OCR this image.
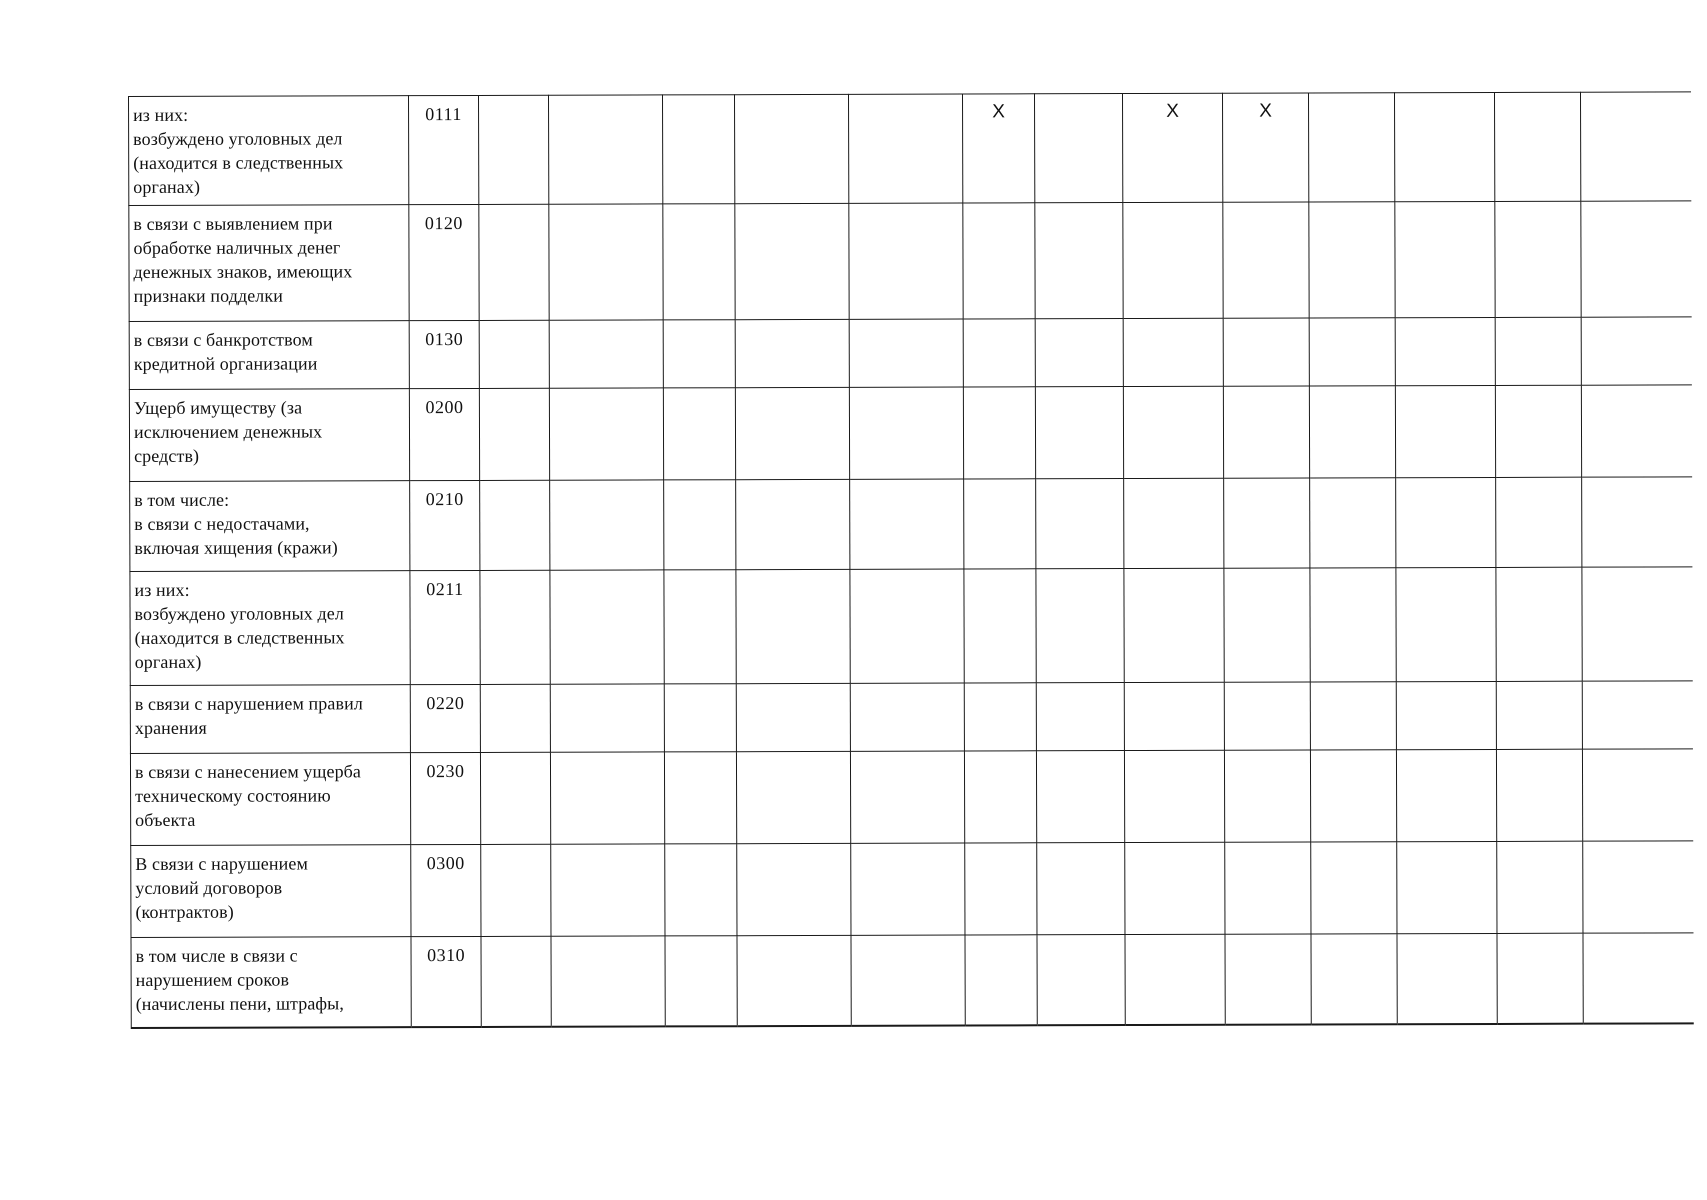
из них:
возбуждено уголовных дел
(находится в следственных
органах)	0111						X		X	X				
в связи с выявлением при
обработке наличных денег
денежных знаков, имеющих
признаки подделки	0120													
в связи с банкротством
кредитной организации	0130													
Ущерб имуществу (за
исключением денежных
средств)	0200													
в том числе:
в связи с недостачами,
включая хищения (кражи)	0210													
из них:
возбуждено уголовных дел
(находится в следственных
органах)	0211													
в связи с нарушением правил
хранения	0220													
в связи с нанесением ущерба
техническому состоянию
объекта	0230													
В связи с нарушением
условий договоров
(контрактов)	0300													
в том числе в связи с
нарушением сроков
(начислены пени, штрафы,	0310													
